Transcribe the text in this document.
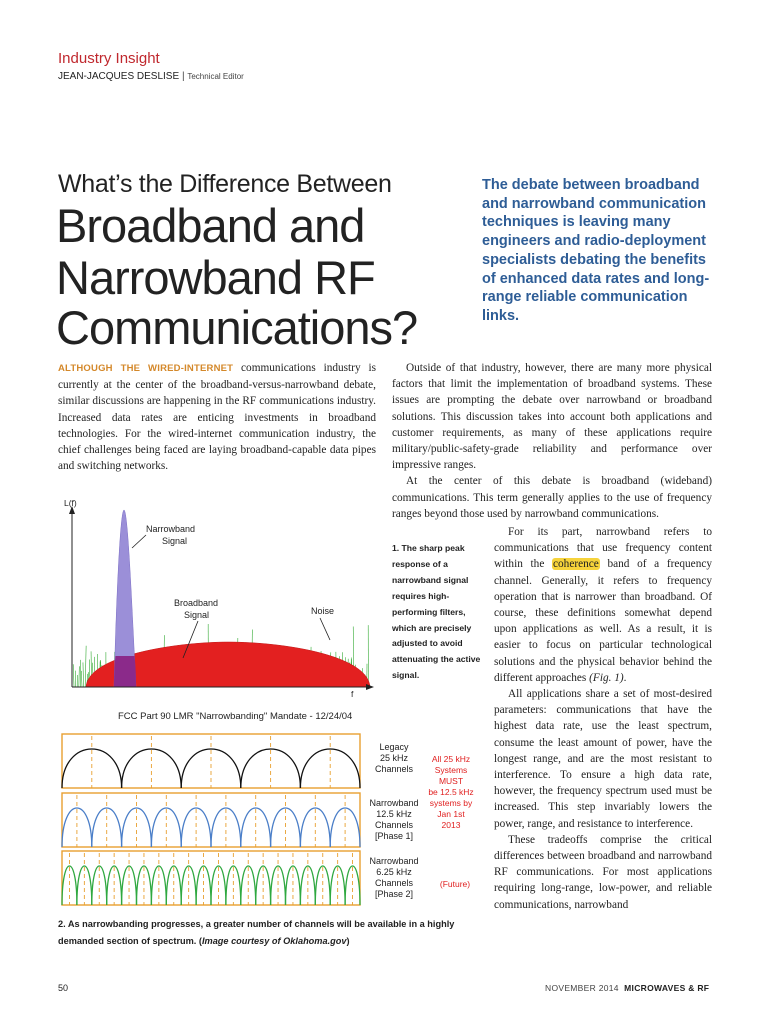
Industry Insight
JEAN-JACQUES DESLISE | Technical Editor
What’s the Difference Between
Broadband and
Narrowband RF
Communications?
The debate between broadband and narrowband communication techniques is leaving many engineers and radio-deployment specialists debating the benefits of enhanced data rates and long-range reliable communication links.

ALTHOUGH THE WIRED-INTERNET communications industry is currently at the center of the broadband-versus-narrowband debate, similar discussions are happening in the RF communications industry. Increased data rates are enticing investments in broadband technologies. For the wired-internet communication industry, the chief challenges being faced are laying broadband-capable data pipes and switching networks.

Outside of that industry, however, there are many more physical factors that limit the implementation of broadband systems. These issues are prompting the debate over narrowband or broadband solutions. This discussion takes into account both applications and customer requirements, as many of these applications require military/public-safety-grade reliability and performance over impressive ranges.

At the center of this debate is broadband (wideband) communications. This term generally applies to the use of frequency ranges beyond those used by narrowband communications.

For its part, narrowband refers to communications that use frequency content within the coherence band of a frequency channel. Generally, it refers to frequency operation that is narrower than broadband. Of course, these definitions somewhat depend upon applications as well. As a result, it is easier to focus on particular technological solutions and the physical behavior behind the different approaches (Fig. 1).

All applications share a set of most-desired parameters: communications that have the highest data rate, use the least spectrum, consume the least amount of power, have the longest range, and are the most resistant to interference. To ensure a high data rate, however, the frequency spectrum used must be increased. This step invariably lowers the power, range, and resistance to interference.

These tradeoffs comprise the critical differences between broadband and narrowband RF communications. For most applications requiring long-range, low-power, and reliable communications, narrowband

L(f)
f
Narrowband
Signal
Broadband
Signal	Noise
1. The sharp peak response of a narrowband signal requires high-performing filters, which are precisely adjusted to avoid attenuating the active signal.
FCC Part 90 LMR "Narrowbanding" Mandate - 12/24/04
Legacy
25 kHz
Channels
Narrowband
12.5 kHz
Channels
[Phase 1]
Narrowband
6.25 kHz
Channels
[Phase 2]
All 25 kHz
Systems
MUST
be 12.5 kHz
systems by
Jan 1st
2013
(Future)
2. As narrowbanding progresses, a greater number of channels will be available in a highly demanded section of spectrum. (Image courtesy of Oklahoma.gov)
50	NOVEMBER 2014 MICROWAVES & RF
